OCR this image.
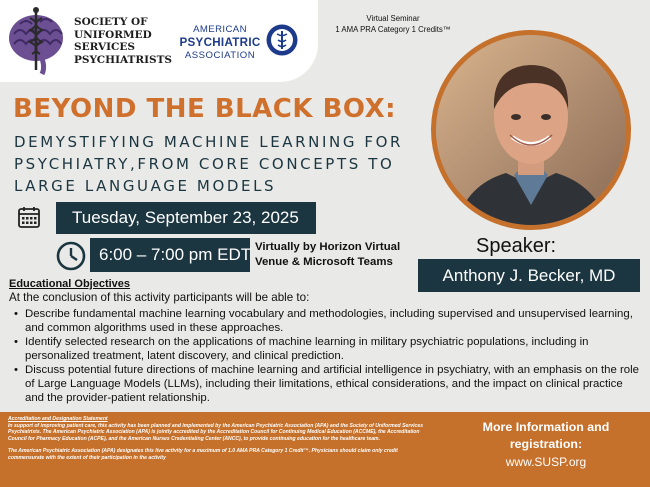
SOCIETY OF UNIFORMED SERVICES PSYCHIATRISTS
AMERICAN
PSYCHIATRIC
ASSOCIATION
Virtual Seminar
1 AMA PRA Category 1 Credits™
BEYOND THE BLACK BOX:
DEMYSTIFYING MACHINE LEARNING FOR PSYCHIATRY,FROM CORE CONCEPTS TO LARGE LANGUAGE MODELS
Tuesday, September 23, 2025
6:00 – 7:00 pm EDT Virtually by Horizon Virtual Venue & Microsoft Teams
Speaker:
Anthony J. Becker, MD
Educational Objectives
At the conclusion of this activity participants will be able to:
• Describe fundamental machine learning vocabulary and methodologies, including supervised and unsupervised learning, and common algorithms used in these approaches.
• Identify selected research on the applications of machine learning in military psychiatric populations, including in personalized treatment, latent discovery, and clinical prediction.
• Discuss potential future directions of machine learning and artificial intelligence in psychiatry, with an emphasis on the role of Large Language Models (LLMs), including their limitations, ethical considerations, and the impact on clinical practice and the provider-patient relationship.
Accreditation and Designation Statement

In support of improving patient care, this activity has been planned and implemented by the American Psychiatric Association (APA) and the Society of Uniformed Services Psychiatrists. The American Psychiatric Association (APA) is jointly accredited by the Accreditation Council for Continuing Medical Education (ACCME), the Accreditation Council for Pharmacy Education (ACPE), and the American Nurses Credentialing Center (ANCC), to provide continuing education for the healthcare team.

The American Psychiatric Association (APA) designates this live activity for a maximum of 1.0 AMA PRA Category 1 Credit™. Physicians should claim only credit commensurate with the extent of their participation in the activity

More Information and registration:
www.SUSP.org
